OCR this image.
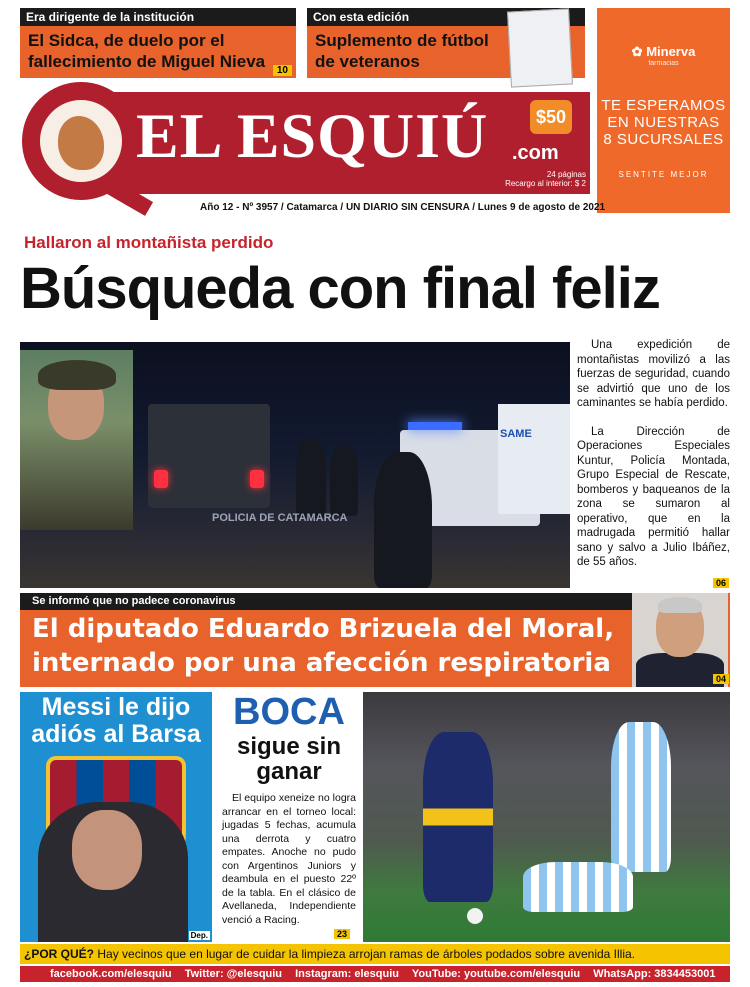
Era dirigente de la institución
El Sidca, de duelo por el fallecimiento de Miguel Nieva	10
Con esta edición
Suplemento de fútbol de veteranos
✿ Minerva
farmacias
TE ESPERAMOS
EN NUESTRAS
8 SUCURSALES
SENTITE MEJOR
EL ESQUIÚ .com
$50
24 páginas
Recargo al interior: $ 2
Año 12 - Nº 3957 / Catamarca / UN DIARIO SIN CENSURA / Lunes 9 de agosto de 2021
Hallaron al montañista perdido
Búsqueda con final feliz
SAME
POLICIA DE CATAMARCA
06

Una expedición de montañistas movilizó a las fuerzas de seguridad, cuando se advirtió que uno de los caminantes se había perdido.

La Dirección de Operaciones Especiales Kuntur, Policía Montada, Grupo Especial de Rescate, bomberos y baqueanos de la zona se sumaron al operativo, que en la madrugada permitió hallar sano y salvo a Julio Ibáñez, de 55 años.

Se informó que no padece coronavirus
El diputado Eduardo Brizuela del Moral, internado por una afección respiratoria
04
Messi le dijo adiós al Barsa
Dep.
BOCA
sigue sin ganar
El equipo xeneize no logra arrancar en el torneo local: jugadas 5 fechas, acumula una derrota y cuatro empates. Anoche no pudo con Argentinos Juniors y deambula en el puesto 22º de la tabla. En el clásico de Avellaneda, Independiente venció a Racing.
23
¿POR QUÉ? Hay vecinos que en lugar de cuidar la limpieza arrojan ramas de árboles podados sobre avenida Illia.
facebook.com/elesquiu Twitter: @elesquiu Instagram: elesquiu YouTube: youtube.com/elesquiu WhatsApp: 3834453001
